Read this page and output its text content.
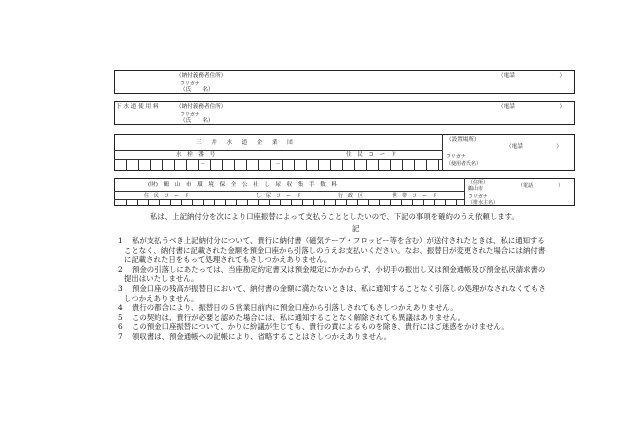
（納付義務者住所）	（電話　　　　　　　　）
フリガナ
（氏　　名）
下 水 道 使 用 料	（納付義務者住所）	（電話　　　　　　　　）
フリガナ
（氏　　名）
三　井　水　道　企　業　団	（設置場所）
（電話　　　　　　）
水　栓　番　号	住　民　コ　ー　ド
－	－
フリガナ
（使用者氏名）
(財)　鶴　山　市　環　境　保　全　公　社　し　尿　収　集　手　数　料	（住所）
鶴山市	（電話　　　　　）
住　民　コ　ー　ド	し　尿　コ　ー　ド	行　政　区	世　帯　コ　ー　ド	フリガナ
（排水主名）
私は、上記納付分を次により口座振替によって支払うこととしたいので、下記の事項を確約のうえ依頼します。
記
1 私が支払うべき上記納付分について、貴行に納付書（磁気テープ・フロッピー等を含む）が送付されたときは、私に通知する
ことなく、納付書に記載された金額を預金口座から引落しのうえお支払いください。なお、振替日が変更された場合には納付書
に記載された日をもって処理されてもさしつかえありません。
2 預金の引落しにあたっては、当座勘定約定書又は預金規定にかかわらず、小切手の振出し又は預金通帳及び預金払戻請求書の
提出はいたしません。
3 預金口座の残高が振替日において、納付書の金額に満たないときは、私に通知することなく引落しの処理がなされなくてもさ
しつかえありません。
4 貴行の都合により、振替日の５営業日前内に預金口座から引落しされてもさしつかえありません。
5 この契約は、貴行が必要と認めた場合には、私に通知することなく解除されても異議はありません。
6 この預金口座振替について、かりに紛議が生じても、貴行の責によるものを除き、貴行にはご迷惑をかけません。
7 領収書は、預金通帳への記帳により、省略することはさしつかえありません。
